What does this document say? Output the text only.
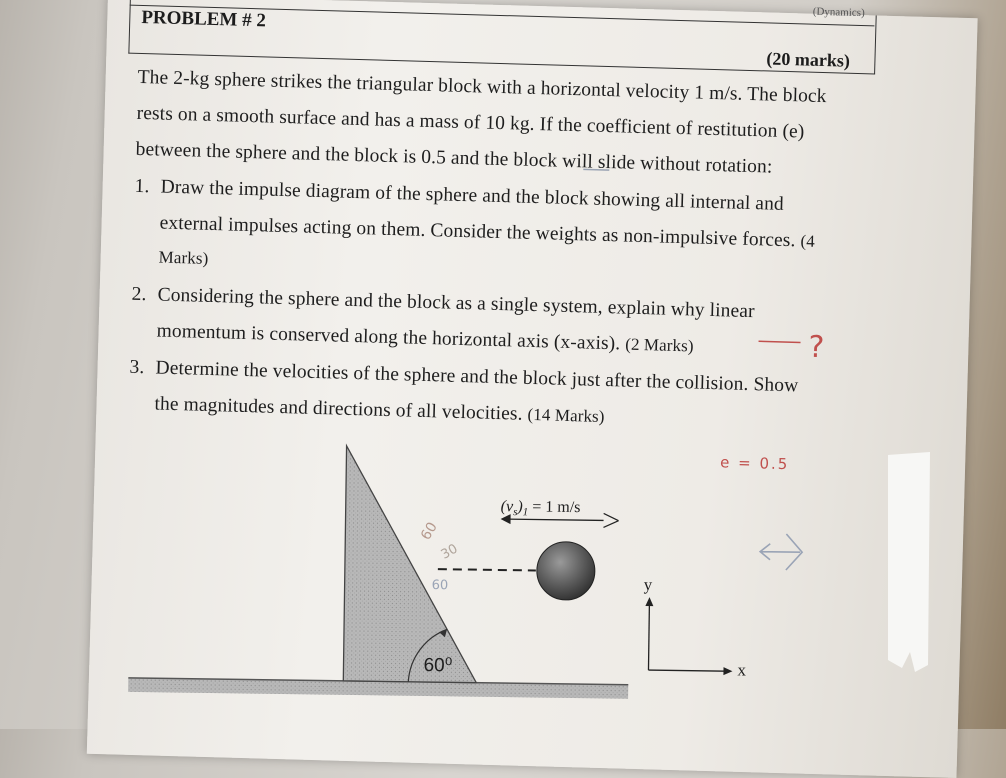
(Dynamics)
PROBLEM # 2
(20 marks)
The 2-kg sphere strikes the triangular block with a horizontal velocity 1 m/s. The block
rests on a smooth surface and has a mass of 10 kg. If the coefficient of restitution (e)
between the sphere and the block is 0.5 and the block will slide without rotation:
1. Draw the impulse diagram of the sphere and the block showing all internal and
external impulses acting on them. Consider the weights as non-impulsive forces. (4
Marks)
2. Considering the sphere and the block as a single system, explain why linear
momentum is conserved along the horizontal axis (x-axis). (2 Marks)
3. Determine the velocities of the sphere and the block just after the collision. Show
the magnitudes and directions of all velocities. (14 Marks)
?
e = 0.5
60⁰
$(v_s)_1 = 1$ m/s
y
x
60
30
60
